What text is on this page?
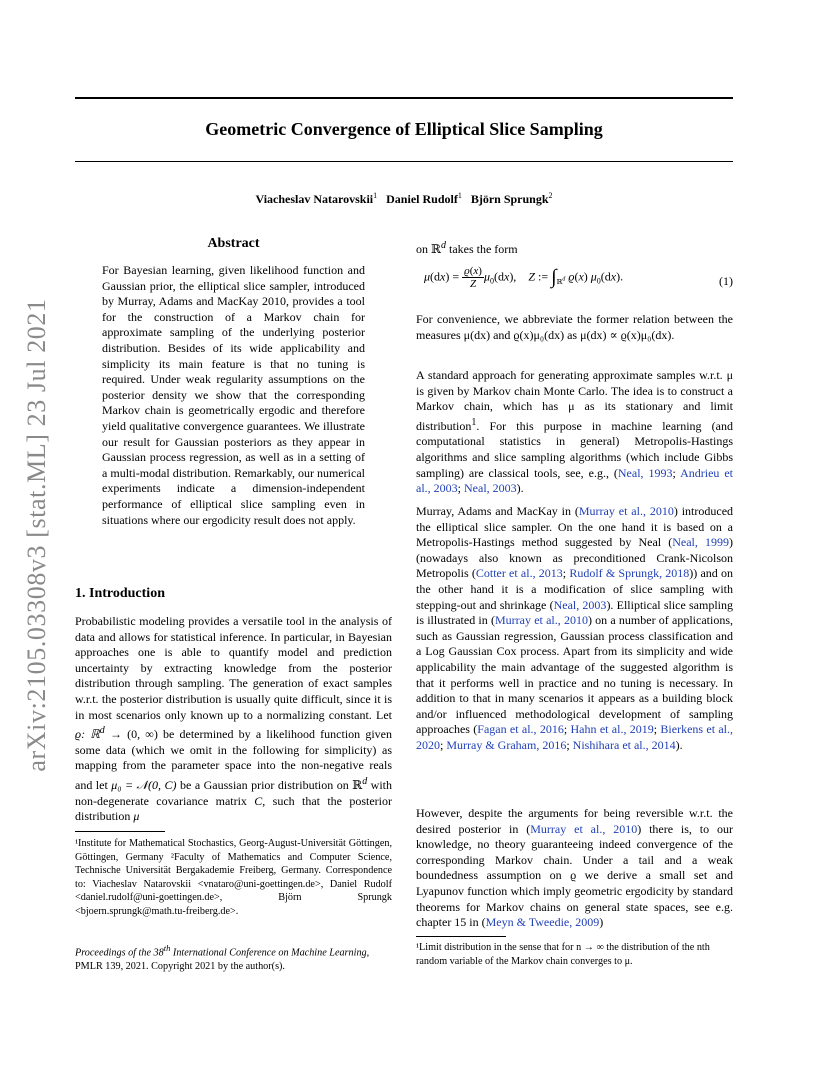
Geometric Convergence of Elliptical Slice Sampling
Viacheslav Natarovskii$^1$ Daniel Rudolf$^1$ Björn Sprungk$^2$
arXiv:2105.03308v3 [stat.ML] 23 Jul 2021
Abstract
For Bayesian learning, given likelihood function and Gaussian prior, the elliptical slice sampler, introduced by Murray, Adams and MacKay 2010, provides a tool for the construction of a Markov chain for approximate sampling of the underlying posterior distribution. Besides of its wide applicability and simplicity its main feature is that no tuning is required. Under weak regularity assumptions on the posterior density we show that the corresponding Markov chain is geometrically ergodic and therefore yield qualitative convergence guarantees. We illustrate our result for Gaussian posteriors as they appear in Gaussian process regression, as well as in a setting of a multi-modal distribution. Remarkably, our numerical experiments indicate a dimension-independent performance of elliptical slice sampling even in situations where our ergodicity result does not apply.
1. Introduction
Probabilistic modeling provides a versatile tool in the analysis of data and allows for statistical inference. In particular, in Bayesian approaches one is able to quantify model and prediction uncertainty by extracting knowledge from the posterior distribution through sampling. The generation of exact samples w.r.t. the posterior distribution is usually quite difficult, since it is in most scenarios only known up to a normalizing constant. Let ϱ: ℝ$^d$ → (0, ∞) be determined by a likelihood function given some data (which we omit in the following for simplicity) as mapping from the parameter space into the non-negative reals and let μ₀ = 𝒩(0, C) be a Gaussian prior distribution on ℝ$^d$ with non-degenerate covariance matrix C, such that the posterior distribution μ
¹Institute for Mathematical Stochastics, Georg-August-Universität Göttingen, Göttingen, Germany ²Faculty of Mathematics and Computer Science, Technische Universität Bergakademie Freiberg, Germany. Correspondence to: Viacheslav Natarovskii <vnataro@uni-goettingen.de>, Daniel Rudolf <daniel.rudolf@uni-goettingen.de>, Björn Sprungk <bjoern.sprungk@math.tu-freiberg.de>.
Proceedings of the 38th International Conference on Machine Learning, PMLR 139, 2021. Copyright 2021 by the author(s).
on ℝ$^d$ takes the form
$\mu(dx) = \frac{ϱ(x)}{Z} \mu_0(dx)$,    Z := $\int_{ℝ^d}$ ϱ(x) $\mu_0(dx)$.	(1)
For convenience, we abbreviate the former relation between the measures μ(dx) and ϱ(x)μ₀(dx) as μ(dx) ∝ ϱ(x)μ₀(dx).
A standard approach for generating approximate samples w.r.t. μ is given by Markov chain Monte Carlo. The idea is to construct a Markov chain, which has μ as its stationary and limit distribution$^1$. For this purpose in machine learning (and computational statistics in general) Metropolis-Hastings algorithms and slice sampling algorithms (which include Gibbs sampling) are classical tools, see, e.g., (Neal, 1993; Andrieu et al., 2003; Neal, 2003).
Murray, Adams and MacKay in (Murray et al., 2010) introduced the elliptical slice sampler. On the one hand it is based on a Metropolis-Hastings method suggested by Neal (Neal, 1999) (nowadays also known as preconditioned Crank-Nicolson Metropolis (Cotter et al., 2013; Rudolf & Sprungk, 2018)) and on the other hand it is a modification of slice sampling with stepping-out and shrinkage (Neal, 2003). Elliptical slice sampling is illustrated in (Murray et al., 2010) on a number of applications, such as Gaussian regression, Gaussian process classification and a Log Gaussian Cox process. Apart from its simplicity and wide applicability the main advantage of the suggested algorithm is that it performs well in practice and no tuning is necessary. In addition to that in many scenarios it appears as a building block and/or influenced methodological development of sampling approaches (Fagan et al., 2016; Hahn et al., 2019; Bierkens et al., 2020; Murray & Graham, 2016; Nishihara et al., 2014).
However, despite the arguments for being reversible w.r.t. the desired posterior in (Murray et al., 2010) there is, to our knowledge, no theory guaranteeing indeed convergence of the corresponding Markov chain. Under a tail and a weak boundedness assumption on ϱ we derive a small set and Lyapunov function which imply geometric ergodicity by standard theorems for Markov chains on general state spaces, see e.g. chapter 15 in (Meyn & Tweedie, 2009)
¹Limit distribution in the sense that for n → ∞ the distribution of the nth random variable of the Markov chain converges to μ.
